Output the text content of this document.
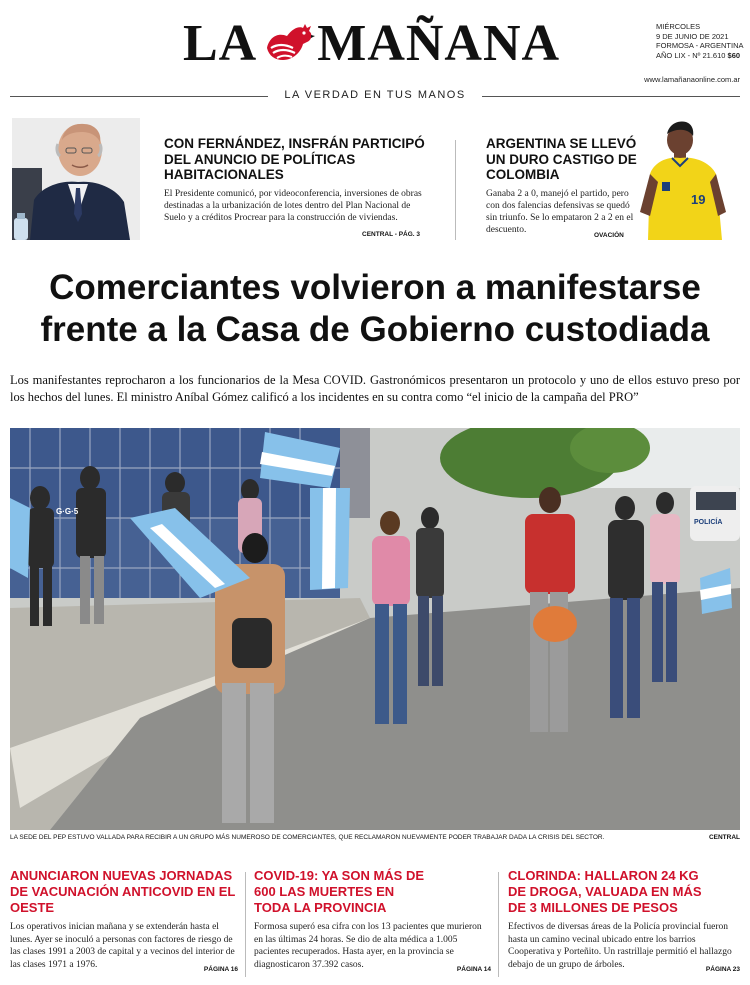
LA MAÑANA	MIÉRCOLES
9 DE JUNIO DE 2021
FORMOSA - ARGENTINA
AÑO LIX - Nº 21.610 $60
www.lamañanaonline.com.ar
LA VERDAD EN TUS MANOS
CON FERNÁNDEZ, INSFRÁN PARTICIPÓ DEL ANUNCIO DE POLÍTICAS HABITACIONALES
El Presidente comunicó, por videoconferencia, inversiones de obras destinadas a la urbanización de lotes dentro del Plan Nacional de Suelo y a créditos Procrear para la construcción de viviendas.
CENTRAL - PÁG. 3
ARGENTINA SE LLEVÓ UN DURO CASTIGO DE COLOMBIA
Ganaba 2 a 0, manejó el partido, pero con dos falencias defensivas se quedó sin triunfo. Se lo empataron 2 a 2 en el descuento.
OVACIÓN
19
Comerciantes volvieron a manifestarse
frente a la Casa de Gobierno custodiada
Los manifestantes reprocharon a los funcionarios de la Mesa COVID. Gastronómicos presentaron un protocolo y uno de ellos estuvo preso por los hechos del lunes. El ministro Aníbal Gómez calificó a los incidentes en su contra como “el inicio de la campaña del PRO”
POLICÍA
G·G·5
LA SEDE DEL PEP ESTUVO VALLADA PARA RECIBIR A UN GRUPO MÁS NUMEROSO DE COMERCIANTES, QUE RECLAMARON NUEVAMENTE PODER TRABAJAR DADA LA CRISIS DEL SECTOR.	CENTRAL
ANUNCIARON NUEVAS JORNADAS DE VACUNACIÓN ANTICOVID EN EL OESTE
Los operativos inician mañana y se extenderán hasta el lunes. Ayer se inoculó a personas con factores de riesgo de las clases 1991 a 2003 de capital y a vecinos del interior de las clases 1971 a 1976.	PÁGINA 16
COVID-19: YA SON MÁS DE 600 LAS MUERTES EN TODA LA PROVINCIA
Formosa superó esa cifra con los 13 pacientes que murieron en las últimas 24 horas. Se dio de alta médica a 1.005 pacientes recuperados. Hasta ayer, en la provincia se diagnosticaron 37.392 casos.	PÁGINA 14
CLORINDA: HALLARON 24 KG DE DROGA, VALUADA EN MÁS DE 3 MILLONES DE PESOS
Efectivos de diversas áreas de la Policía provincial fueron hasta un camino vecinal ubicado entre los barrios Cooperativa y Porteñito. Un rastrillaje permitió el hallazgo debajo de un grupo de árboles.	PÁGINA 23
